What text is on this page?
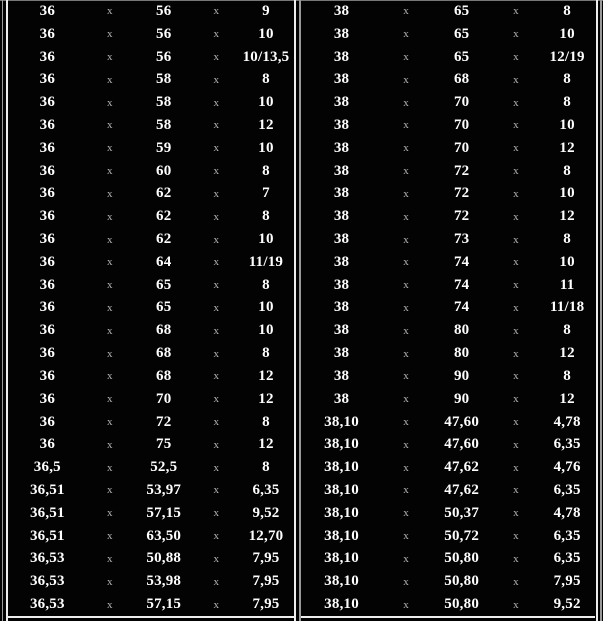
36	x	56	x	9
36	x	56	x	10
36	x	56	x	10/13,5
36	x	58	x	8
36	x	58	x	10
36	x	58	x	12
36	x	59	x	10
36	x	60	x	8
36	x	62	x	7
36	x	62	x	8
36	x	62	x	10
36	x	64	x	11/19
36	x	65	x	8
36	x	65	x	10
36	x	68	x	10
36	x	68	x	8
36	x	68	x	12
36	x	70	x	12
36	x	72	x	8
36	x	75	x	12
36,5	x	52,5	x	8
36,51	x	53,97	x	6,35
36,51	x	57,15	x	9,52
36,51	x	63,50	x	12,70
36,53	x	50,88	x	7,95
36,53	x	53,98	x	7,95
36,53	x	57,15	x	7,95
38	x	65	x	8
38	x	65	x	10
38	x	65	x	12/19
38	x	68	x	8
38	x	70	x	8
38	x	70	x	10
38	x	70	x	12
38	x	72	x	8
38	x	72	x	10
38	x	72	x	12
38	x	73	x	8
38	x	74	x	10
38	x	74	x	11
38	x	74	x	11/18
38	x	80	x	8
38	x	80	x	12
38	x	90	x	8
38	x	90	x	12
38,10	x	47,60	x	4,78
38,10	x	47,60	x	6,35
38,10	x	47,62	x	4,76
38,10	x	47,62	x	6,35
38,10	x	50,37	x	4,78
38,10	x	50,72	x	6,35
38,10	x	50,80	x	6,35
38,10	x	50,80	x	7,95
38,10	x	50,80	x	9,52
